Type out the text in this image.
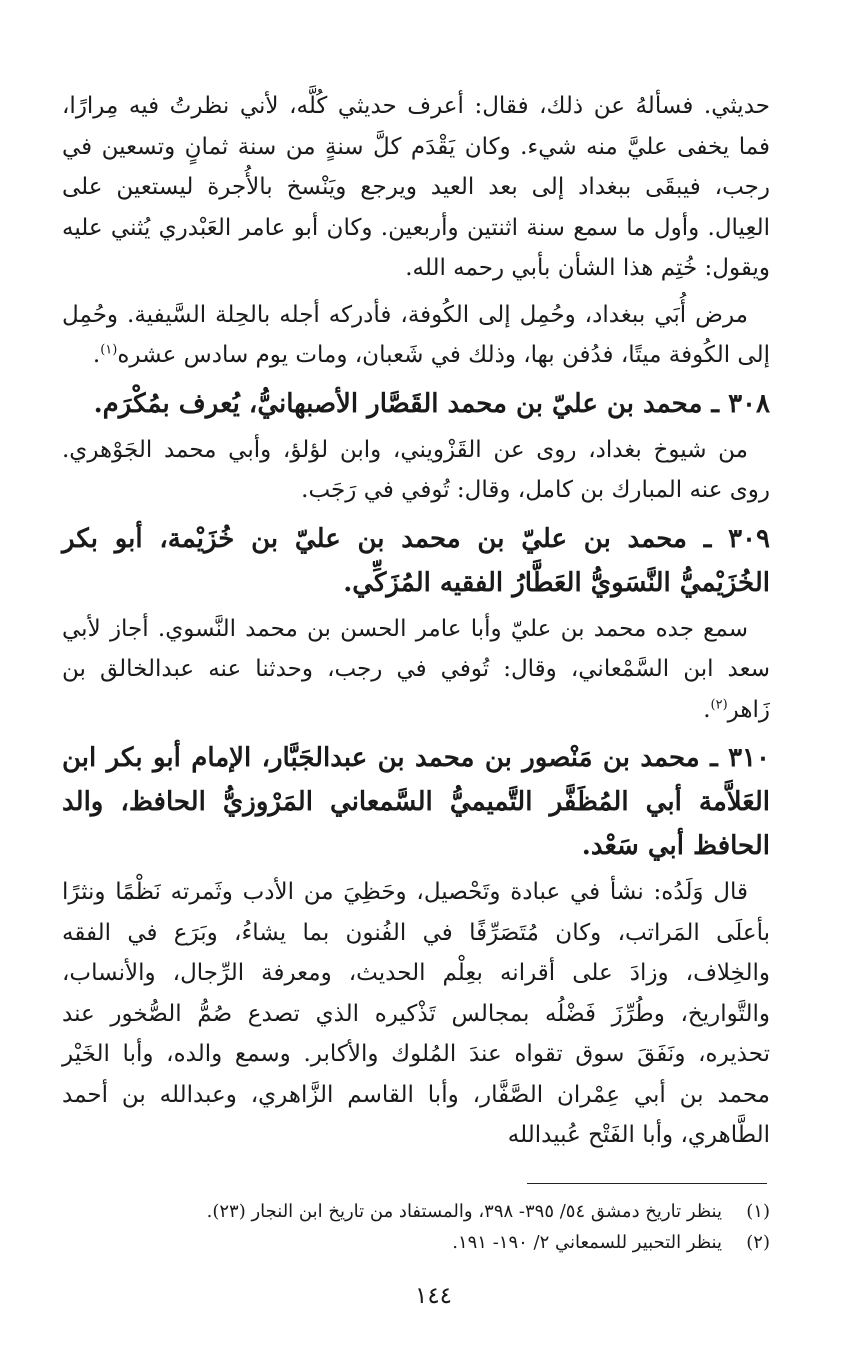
حديثي. فسألهُ عن ذلك، فقال: أعرف حديثي كُلَّه، لأني نظرتُ فيه مِرارًا، فما يخفى عليَّ منه شيء. وكان يَقْدَم كلَّ سنةٍ من سنة ثمانٍ وتسعين في رجب، فيبقَى ببغداد إلى بعد العيد ويرجع ويَنْسخ بالأُجرة ليستعين على العِيال. وأول ما سمع سنة اثنتين وأربعين. وكان أبو عامر العَبْدري يُثني عليه ويقول: خُتِم هذا الشأن بأبي رحمه الله.

مرض أُبَي ببغداد، وحُمِل إلى الكُوفة، فأدركه أجله بالحِلة السَّيفية. وحُمِل إلى الكُوفة ميتًا، فدُفن بها، وذلك في شَعبان، ومات يوم سادس عشره$^{(١)}$.

٣٠٨ ـ محمد بن عليّ بن محمد القَصَّار الأصبهانيُّ، يُعرف بمُكْرَم.

من شيوخ بغداد، روى عن القَزْويني، وابن لؤلؤ، وأبي محمد الجَوْهري. روى عنه المبارك بن كامل، وقال: تُوفي في رَجَب.

٣٠٩ ـ محمد بن عليّ بن محمد بن عليّ بن خُزَيْمة، أبو بكر الخُزَيْميُّ النَّسَويُّ العَطَّارُ الفقيه المُزَكِّي.

سمع جده محمد بن عليّ وأبا عامر الحسن بن محمد النَّسوي. أجاز لأبي سعد ابن السَّمْعاني، وقال: تُوفي في رجب، وحدثنا عنه عبدالخالق بن زَاهر$^{(٢)}$.

٣١٠ ـ محمد بن مَنْصور بن محمد بن عبدالجَبَّار، الإمام أبو بكر ابن العَلاَّمة أبي المُظَفَّر التَّميميُّ السَّمعاني المَرْوزيُّ الحافظ، والد الحافظ أبي سَعْد.

قال وَلَدُه: نشأ في عبادة وتَحْصيل، وحَظِيَ من الأدب وثَمرته نَظْمًا ونثرًا بأعلَى المَراتب، وكان مُتَصَرِّفًا في الفُنون بما يشاءُ، وبَرَع في الفقه والخِلاف، وزادَ على أقرانه بعِلْم الحديث، ومعرفة الرِّجال، والأنساب، والتَّواريخ، وطُرِّزَ فَضْلُه بمجالس تَذْكيره الذي تصدع صُمُّ الصُّخور عند تحذيره، ونَفَقَ سوق تقواه عندَ المُلوك والأكابر. وسمع والده، وأبا الخَيْر محمد بن أبي عِمْران الصَّفَّار، وأبا القاسم الزَّاهري، وعبدالله بن أحمد الطَّاهري، وأبا الفَتْح عُبيدالله

(١)
ينظر تاريخ دمشق ٥٤/ ٣٩٥- ٣٩٨، والمستفاد من تاريخ ابن النجار (٢٣).
(٢)
ينظر التحبير للسمعاني ٢/ ١٩٠- ١٩١.
١٤٤
